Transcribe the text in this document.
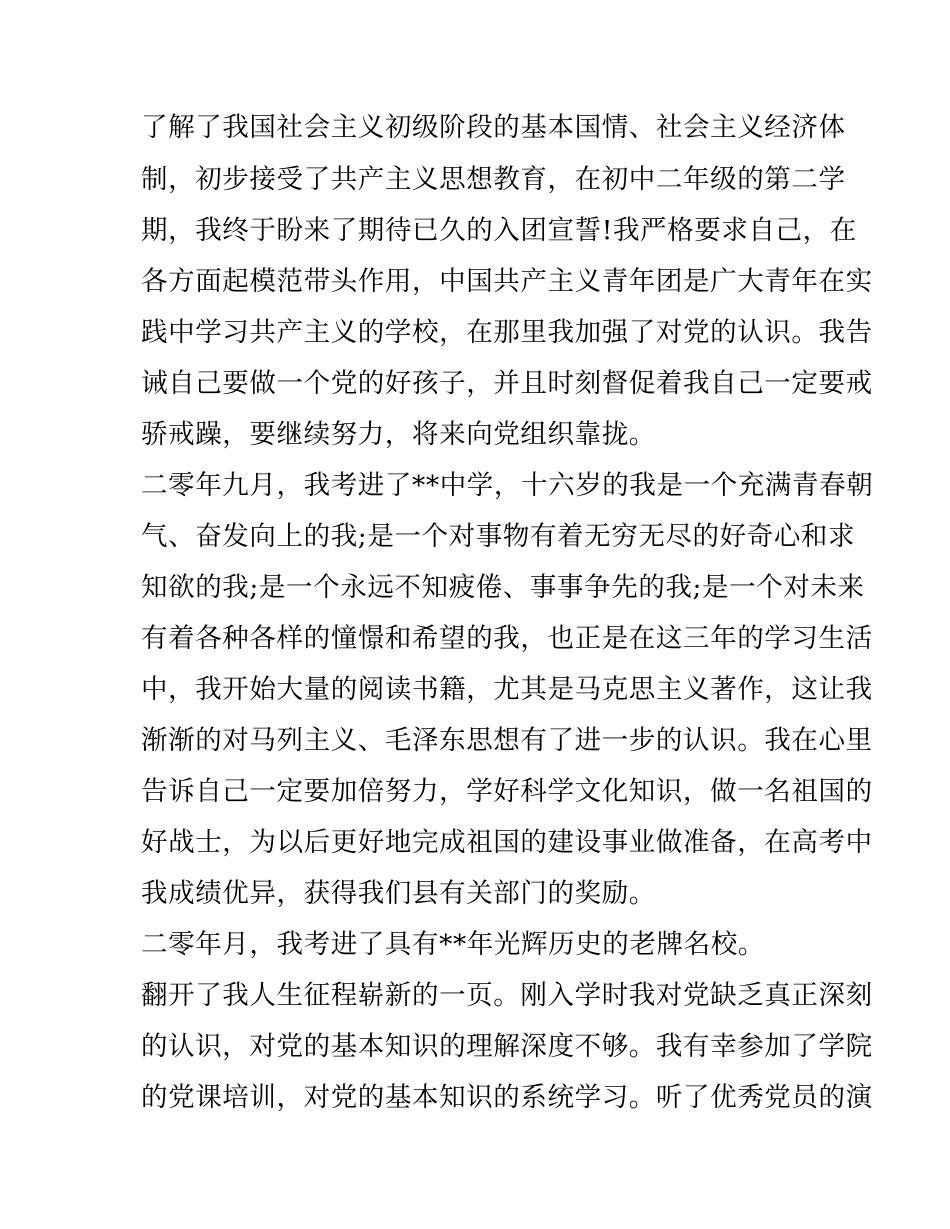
了解了我国社会主义初级阶段的基本国情、社会主义经济体
制，初步接受了共产主义思想教育，在初中二年级的第二学
期，我终于盼来了期待已久的入团宣誓!我严格要求自己，在
各方面起模范带头作用，中国共产主义青年团是广大青年在实
践中学习共产主义的学校，在那里我加强了对党的认识。我告
诫自己要做一个党的好孩子，并且时刻督促着我自己一定要戒
骄戒躁，要继续努力，将来向党组织靠拢。
二零年九月，我考进了**中学，十六岁的我是一个充满青春朝
气、奋发向上的我;是一个对事物有着无穷无尽的好奇心和求
知欲的我;是一个永远不知疲倦、事事争先的我;是一个对未来
有着各种各样的憧憬和希望的我，也正是在这三年的学习生活
中，我开始大量的阅读书籍，尤其是马克思主义著作，这让我
渐渐的对马列主义、毛泽东思想有了进一步的认识。我在心里
告诉自己一定要加倍努力，学好科学文化知识，做一名祖国的
好战士，为以后更好地完成祖国的建设事业做准备，在高考中
我成绩优异，获得我们县有关部门的奖励。
二零年月，我考进了具有**年光辉历史的老牌名校。
翻开了我人生征程崭新的一页。刚入学时我对党缺乏真正深刻
的认识，对党的基本知识的理解深度不够。我有幸参加了学院
的党课培训，对党的基本知识的系统学习。听了优秀党员的演
